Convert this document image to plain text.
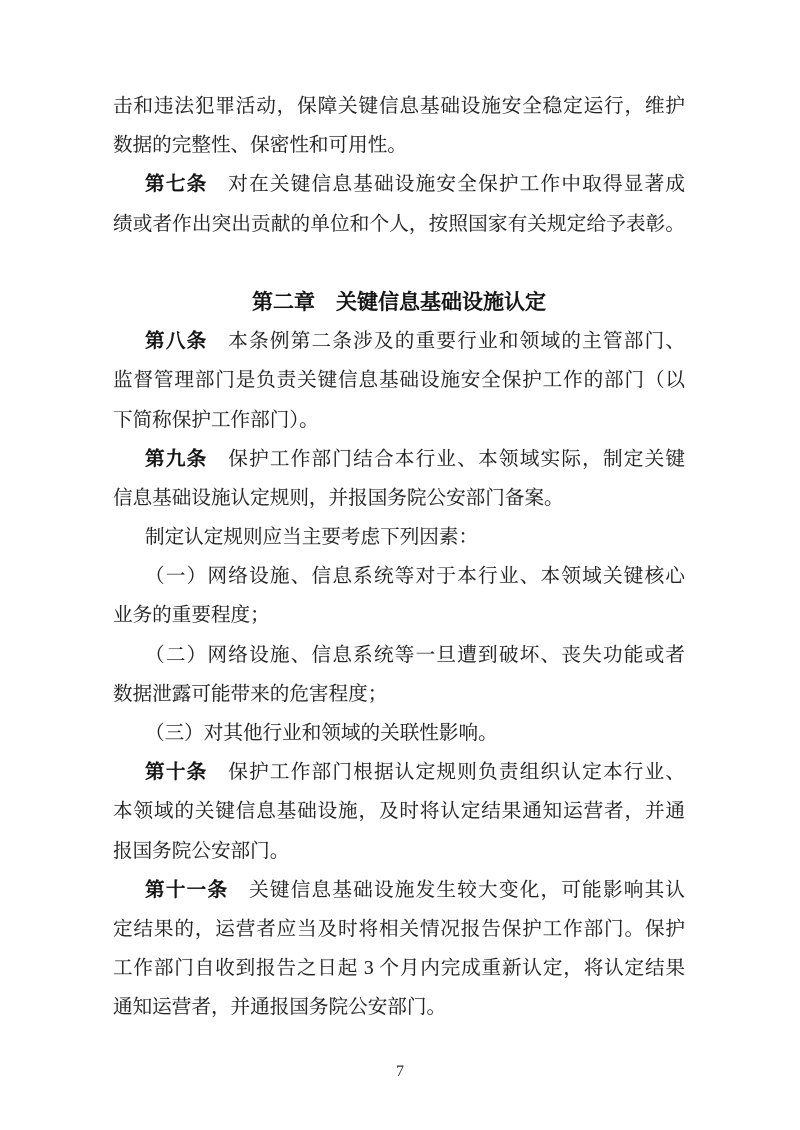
击和违法犯罪活动，保障关键信息基础设施安全稳定运行，维护
数据的完整性、保密性和可用性。
第七条　对在关键信息基础设施安全保护工作中取得显著成
绩或者作出突出贡献的单位和个人，按照国家有关规定给予表彰。
第二章　关键信息基础设施认定
第八条　本条例第二条涉及的重要行业和领域的主管部门、
监督管理部门是负责关键信息基础设施安全保护工作的部门（以
下简称保护工作部门）。
第九条　保护工作部门结合本行业、本领域实际，制定关键
信息基础设施认定规则，并报国务院公安部门备案。
制定认定规则应当主要考虑下列因素：
（一）网络设施、信息系统等对于本行业、本领域关键核心
业务的重要程度；
（二）网络设施、信息系统等一旦遭到破坏、丧失功能或者
数据泄露可能带来的危害程度；
（三）对其他行业和领域的关联性影响。
第十条　保护工作部门根据认定规则负责组织认定本行业、
本领域的关键信息基础设施，及时将认定结果通知运营者，并通
报国务院公安部门。
第十一条　关键信息基础设施发生较大变化，可能影响其认
定结果的，运营者应当及时将相关情况报告保护工作部门。保护
工作部门自收到报告之日起 3 个月内完成重新认定，将认定结果
通知运营者，并通报国务院公安部门。
7
